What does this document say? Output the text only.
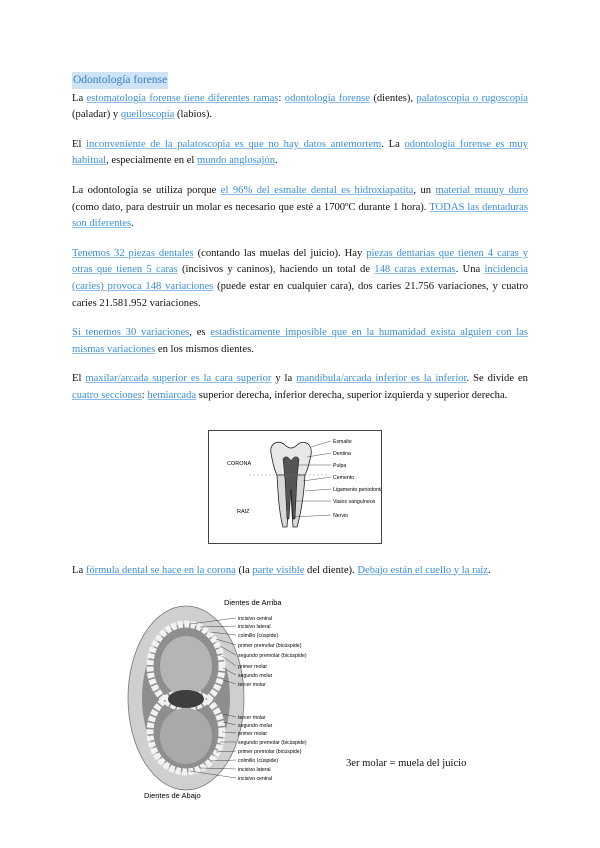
Odontología forense

La estomatología forense tiene diferentes ramas: odontología forense (dientes), palatoscopia o rugoscopia (paladar) y queiloscopia (labios).

El inconveniente de la palatoscopia es que no hay datos antemortem. La odontología forense es muy habitual, especialmente en el mundo anglosajón.

La odontología se utiliza porque el 96% del esmalte dental es hidroxiapatita, un material muuuy duro (como dato, para destruir un molar es necesario que esté a 1700ºC durante 1 hora). TODAS las dentaduras son diferentes.

Tenemos 32 piezas dentales (contando las muelas del juicio). Hay piezas dentarias que tienen 4 caras y otras que tienen 5 caras (incisivos y caninos), haciendo un total de 148 caras externas. Una incidencia (caries) provoca 148 variaciones (puede estar en cualquier cara), dos caries 21.756 variaciones, y cuatro caries 21.581.952 variaciones.

Si tenemos 30 variaciones, es estadísticamente imposible que en la humanidad exista alguien con las mismas variaciones en los mismos dientes.

El maxilar/arcada superior es la cara superior y la mandíbula/arcada inferior es la inferior. Se divide en cuatro secciones: hemiarcada superior derecha, inferior derecha, superior izquierda y superior derecha.

La fórmula dental se hace en la corona (la parte visible del diente). Debajo están el cuello y la raíz.

CORONA
RAIZ
Esmalte
Dentina
Pulpa
Cemento
Ligamento periodontal
Vasos sanguíneos
Nervio
Dientes de Arriba
incisivo central
incisivo lateral
colmillo (cúspide)
primer premolar (bicúspide)
segundo premolar (bicúspide)
primer molar
segundo molar
tercer molar
tercer molar
segundo molar
primer molar
segundo premolar (bicúspide)
primer premolar (bicúspide)
colmillo (cúspide)
incisivo lateral
incisivo central
Dientes de Abajo
3er molar = muela del juicio
